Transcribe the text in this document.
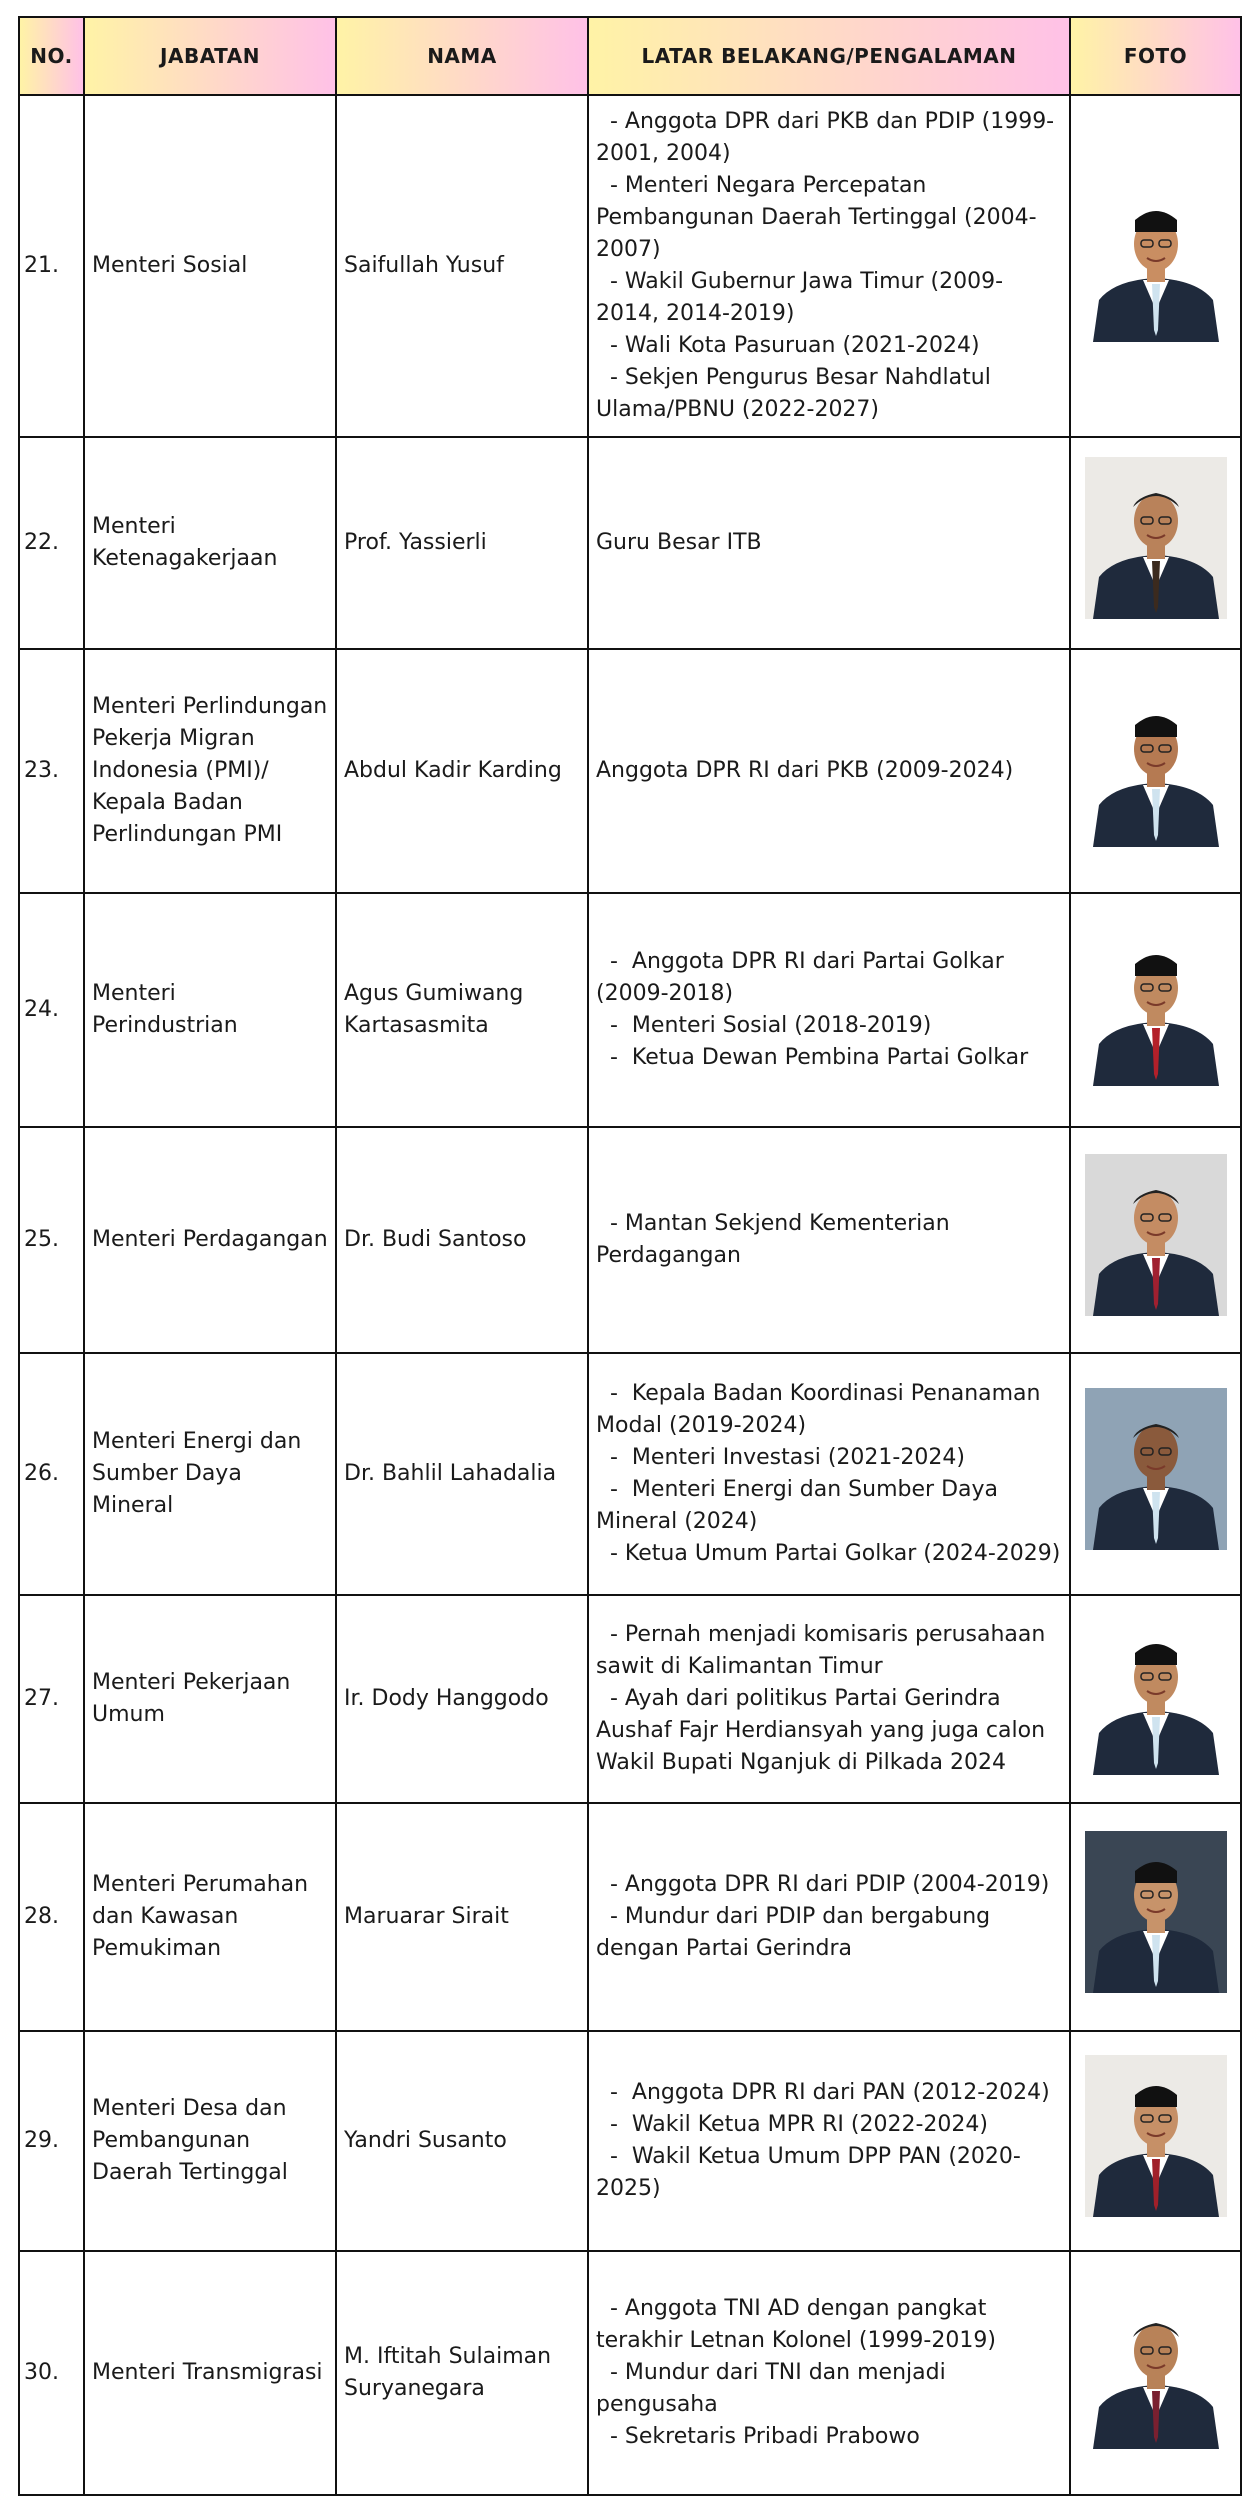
NO.	JABATAN	NAMA	LATAR BELAKANG/PENGALAMAN	FOTO
21.	Menteri Sosial	Saifullah Yusuf	- Anggota DPR dari PKB dan PDIP (1999-2001, 2004)
- Menteri Negara Percepatan Pembangunan Daerah Tertinggal (2004-2007)
- Wakil Gubernur Jawa Timur (2009-2014, 2014-2019)
- Wali Kota Pasuruan (2021-2024)
- Sekjen Pengurus Besar Nahdlatul Ulama/PBNU (2022-2027)

22.	Menteri Ketenagakerjaan	Prof. Yassierli	Guru Besar ITB

23.	Menteri Perlindungan Pekerja Migran Indonesia (PMI)/ Kepala Badan Perlindungan PMI	Abdul Kadir Karding	Anggota DPR RI dari PKB (2009-2024)

24.	Menteri Perindustrian	Agus Gumiwang Kartasasmita	-  Anggota DPR RI dari Partai Golkar (2009-2018)
-  Menteri Sosial (2018-2019)
-  Ketua Dewan Pembina Partai Golkar

25.	Menteri Perdagangan	Dr. Budi Santoso	- Mantan Sekjend Kementerian Perdagangan

26.	Menteri Energi dan Sumber Daya Mineral	Dr. Bahlil Lahadalia	-  Kepala Badan Koordinasi Penanaman Modal (2019-2024)
-  Menteri Investasi (2021-2024)
-  Menteri Energi dan Sumber Daya Mineral (2024)
- Ketua Umum Partai Golkar (2024-2029)

27.	Menteri Pekerjaan Umum	Ir. Dody Hanggodo	- Pernah menjadi komisaris perusahaan sawit di Kalimantan Timur
- Ayah dari politikus Partai Gerindra Aushaf Fajr Herdiansyah yang juga calon Wakil Bupati Nganjuk di Pilkada 2024

28.	Menteri Perumahan dan Kawasan Pemukiman	Maruarar Sirait	- Anggota DPR RI dari PDIP (2004-2019)
- Mundur dari PDIP dan bergabung dengan Partai Gerindra

29.	Menteri Desa dan Pembangunan Daerah Tertinggal	Yandri Susanto	-  Anggota DPR RI dari PAN (2012-2024)
-  Wakil Ketua MPR RI (2022-2024)
-  Wakil Ketua Umum DPP PAN (2020-2025)

30.	Menteri Transmigrasi	M. Iftitah Sulaiman Suryanegara	- Anggota TNI AD dengan pangkat terakhir Letnan Kolonel (1999-2019)
- Mundur dari TNI dan menjadi pengusaha
- Sekretaris Pribadi Prabowo
